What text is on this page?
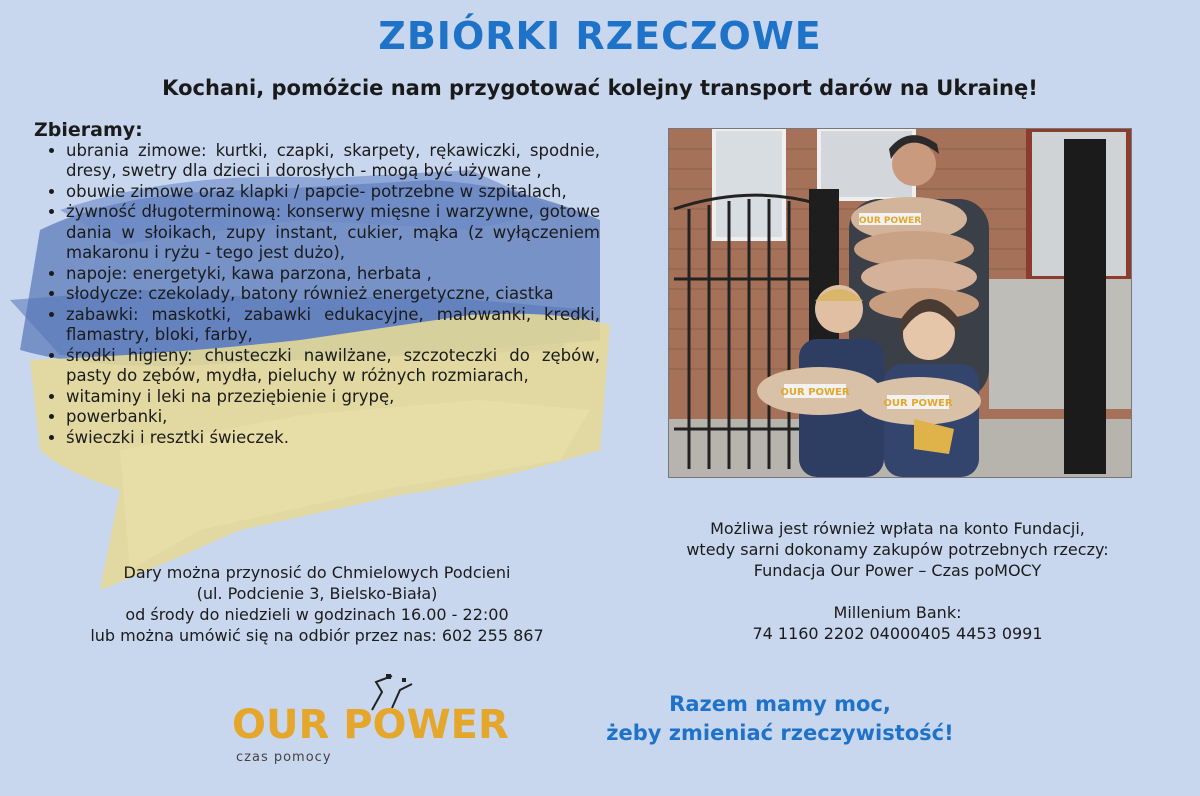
ZBIÓRKI RZECZOWE
Kochani, pomóżcie nam przygotować kolejny transport darów na Ukrainę!
Zbieramy:
• ubrania zimowe: kurtki, czapki, skarpety, rękawiczki, spodnie, dresy, swetry dla dzieci i dorosłych - mogą być używane ,
• obuwie zimowe oraz klapki / papcie- potrzebne w szpitalach,
• żywność długoterminową: konserwy mięsne i warzywne, gotowe dania w słoikach, zupy instant, cukier, mąka (z wyłączeniem makaronu i ryżu - tego jest dużo),
• napoje: energetyki, kawa parzona, herbata ,
• słodycze: czekolady, batony również energetyczne, ciastka
• zabawki: maskotki, zabawki edukacyjne, malowanki, kredki, flamastry, bloki, farby,
• środki higieny: chusteczki nawilżane, szczoteczki do zębów, pasty do zębów, mydła, pieluchy w różnych rozmiarach,
• witaminy i leki na przeziębienie i grypę,
• powerbanki,
• świeczki i resztki świeczek.
Dary można przynosić do Chmielowych Podcieni
(ul. Podcienie 3, Bielsko-Biała)
od środy do niedzieli w godzinach 16.00 - 22:00
lub można umówić się na odbiór przez nas: 602 255 867
OUR POWER
OUR POWER
OUR POWER
Możliwa jest również wpłata na konto Fundacji,
wtedy sarni dokonamy zakupów potrzebnych rzeczy:
Fundacja Our Power – Czas poMOCY
Millenium Bank:
74 1160 2202 04000405 4453 0991
OUR POWER
czas pomocy
Razem mamy moc,
żeby zmieniać rzeczywistość!
